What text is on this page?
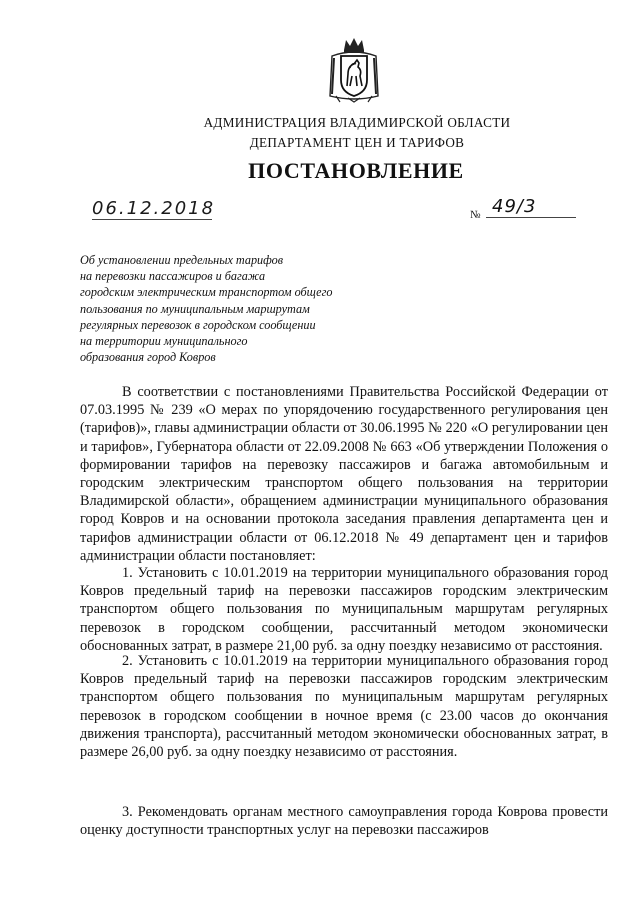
АДМИНИСТРАЦИЯ ВЛАДИМИРСКОЙ ОБЛАСТИ
ДЕПАРТАМЕНТ ЦЕН И ТАРИФОВ
ПОСТАНОВЛЕНИЕ
06.12.2018	№ 49/3
Об установлении предельных тарифов
на перевозки пассажиров и багажа
городским электрическим транспортом общего
пользования по муниципальным маршрутам
регулярных перевозок в городском сообщении
на территории муниципального
образования город Ковров

В соответствии с постановлениями Правительства Российской Федерации от 07.03.1995 № 239 «О мерах по упорядочению государственного регулирования цен (тарифов)», главы администрации области от 30.06.1995 № 220 «О регулировании цен и тарифов», Губернатора области от 22.09.2008 № 663 «Об утверждении Положения о формировании тарифов на перевозку пассажиров и багажа автомобильным и городским электрическим транспортом общего пользования на территории Владимирской области», обращением администрации муниципального образования город Ковров и на основании протокола заседания правления департамента цен и тарифов администрации области от 06.12.2018 № 49 департамент цен и тарифов администрации области постановляет:

1. Установить с 10.01.2019 на территории муниципального образования город Ковров предельный тариф на перевозки пассажиров городским электрическим транспортом общего пользования по муниципальным маршрутам регулярных перевозок в городском сообщении, рассчитанный методом экономически обоснованных затрат, в размере 21,00 руб. за одну поездку независимо от расстояния.

2. Установить с 10.01.2019 на территории муниципального образования город Ковров предельный тариф на перевозки пассажиров городским электрическим транспортом общего пользования по муниципальным маршрутам регулярных перевозок в городском сообщении в ночное время (с 23.00 часов до окончания движения транспорта), рассчитанный методом экономически обоснованных затрат, в размере 26,00 руб. за одну поездку независимо от расстояния.

3. Рекомендовать органам местного самоуправления города Коврова провести оценку доступности транспортных услуг на перевозки пассажиров
